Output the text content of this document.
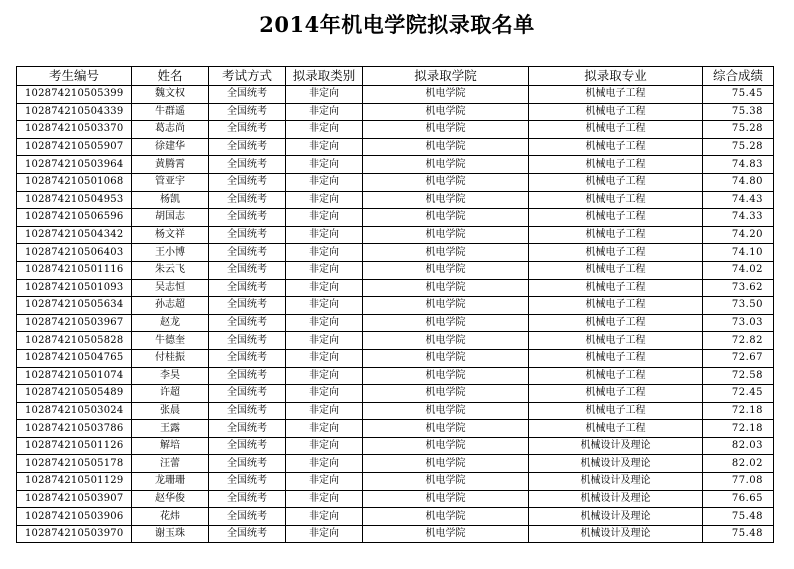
2014年机电学院拟录取名单
考生编号	姓名	考试方式	拟录取类别	拟录取学院	拟录取专业	综合成绩
102874210505399	魏文权	全国统考	非定向	机电学院	机械电子工程	75.45
102874210504339	牛群遥	全国统考	非定向	机电学院	机械电子工程	75.38
102874210503370	葛志尚	全国统考	非定向	机电学院	机械电子工程	75.28
102874210505907	徐建华	全国统考	非定向	机电学院	机械电子工程	75.28
102874210503964	黄腾霄	全国统考	非定向	机电学院	机械电子工程	74.83
102874210501068	管亚宇	全国统考	非定向	机电学院	机械电子工程	74.80
102874210504953	杨凯	全国统考	非定向	机电学院	机械电子工程	74.43
102874210506596	胡国志	全国统考	非定向	机电学院	机械电子工程	74.33
102874210504342	杨文祥	全国统考	非定向	机电学院	机械电子工程	74.20
102874210506403	王小博	全国统考	非定向	机电学院	机械电子工程	74.10
102874210501116	朱云飞	全国统考	非定向	机电学院	机械电子工程	74.02
102874210501093	吴志恒	全国统考	非定向	机电学院	机械电子工程	73.62
102874210505634	孙志超	全国统考	非定向	机电学院	机械电子工程	73.50
102874210503967	赵龙	全国统考	非定向	机电学院	机械电子工程	73.03
102874210505828	牛德奎	全国统考	非定向	机电学院	机械电子工程	72.82
102874210504765	付桂振	全国统考	非定向	机电学院	机械电子工程	72.67
102874210501074	李昊	全国统考	非定向	机电学院	机械电子工程	72.58
102874210505489	许超	全国统考	非定向	机电学院	机械电子工程	72.45
102874210503024	张晨	全国统考	非定向	机电学院	机械电子工程	72.18
102874210503786	王露	全国统考	非定向	机电学院	机械电子工程	72.18
102874210501126	解培	全国统考	非定向	机电学院	机械设计及理论	82.03
102874210505178	汪蕾	全国统考	非定向	机电学院	机械设计及理论	82.02
102874210501129	龙珊珊	全国统考	非定向	机电学院	机械设计及理论	77.08
102874210503907	赵华俊	全国统考	非定向	机电学院	机械设计及理论	76.65
102874210503906	花炜	全国统考	非定向	机电学院	机械设计及理论	75.48
102874210503970	谢玉珠	全国统考	非定向	机电学院	机械设计及理论	75.48
